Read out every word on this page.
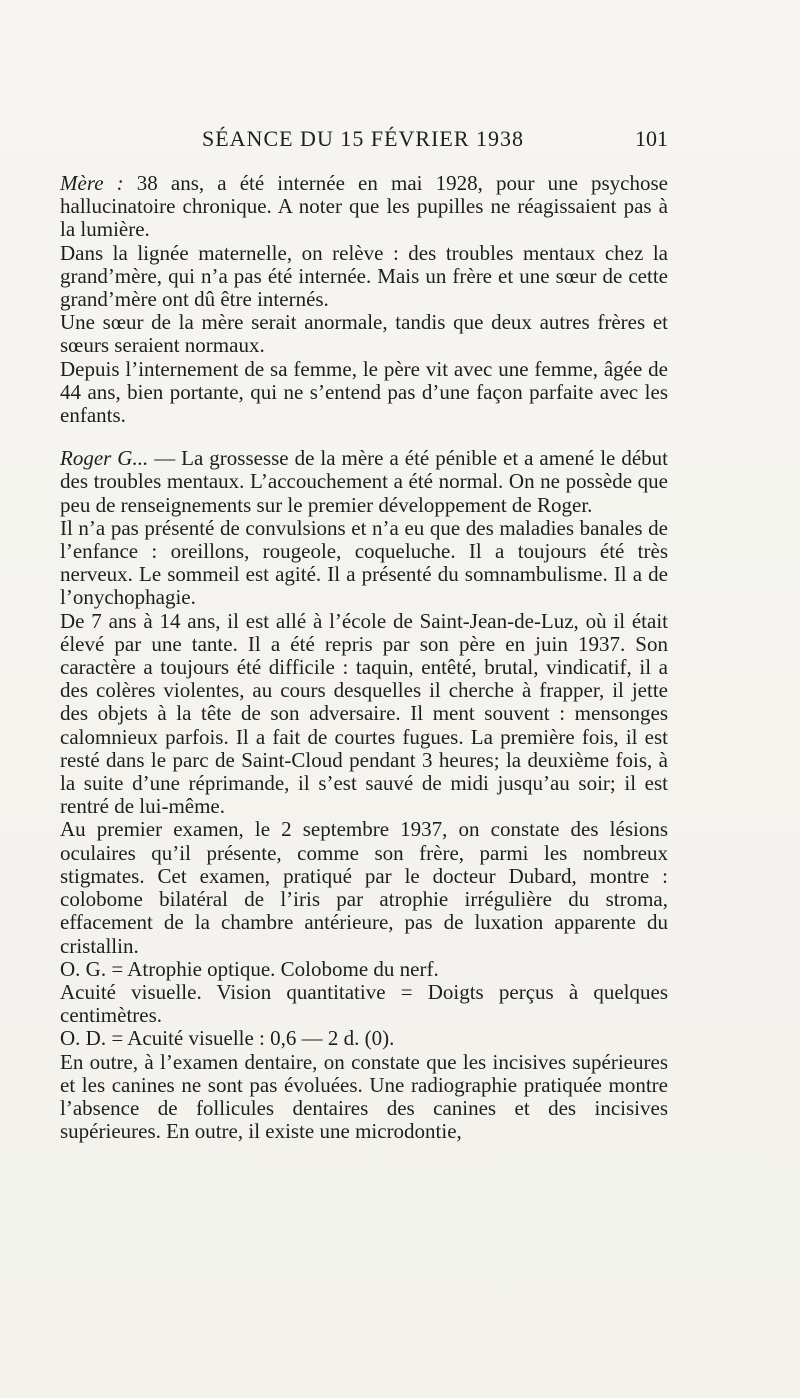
SÉANCE DU 15 FÉVRIER 1938	101

Mère : 38 ans, a été internée en mai 1928, pour une psychose hallucinatoire chronique. A noter que les pupilles ne réagissaient pas à la lumière.

Dans la lignée maternelle, on relève : des troubles mentaux chez la grand’mère, qui n’a pas été internée. Mais un frère et une sœur de cette grand’mère ont dû être internés.

Une sœur de la mère serait anormale, tandis que deux autres frères et sœurs seraient normaux.

Depuis l’internement de sa femme, le père vit avec une femme, âgée de 44 ans, bien portante, qui ne s’entend pas d’une façon parfaite avec les enfants.

Roger G... — La grossesse de la mère a été pénible et a amené le début des troubles mentaux. L’accouchement a été normal. On ne possède que peu de renseignements sur le premier développement de Roger.

Il n’a pas présenté de convulsions et n’a eu que des maladies banales de l’enfance : oreillons, rougeole, coqueluche. Il a toujours été très nerveux. Le sommeil est agité. Il a présenté du somnambulisme. Il a de l’onychophagie.

De 7 ans à 14 ans, il est allé à l’école de Saint-Jean-de-Luz, où il était élevé par une tante. Il a été repris par son père en juin 1937. Son caractère a toujours été difficile : taquin, entêté, brutal, vindicatif, il a des colères violentes, au cours desquelles il cherche à frapper, il jette des objets à la tête de son adversaire. Il ment souvent : mensonges calomnieux parfois. Il a fait de courtes fugues. La première fois, il est resté dans le parc de Saint-Cloud pendant 3 heures; la deuxième fois, à la suite d’une réprimande, il s’est sauvé de midi jusqu’au soir; il est rentré de lui-même.

Au premier examen, le 2 septembre 1937, on constate des lésions oculaires qu’il présente, comme son frère, parmi les nombreux stigmates. Cet examen, pratiqué par le docteur Dubard, montre : colobome bilatéral de l’iris par atrophie irrégulière du stroma, effacement de la chambre antérieure, pas de luxation apparente du cristallin.

O. G. = Atrophie optique. Colobome du nerf.

Acuité visuelle. Vision quantitative = Doigts perçus à quelques centimètres.

O. D. = Acuité visuelle : 0,6 — 2 d. (0).

En outre, à l’examen dentaire, on constate que les incisives supérieures et les canines ne sont pas évoluées. Une radiographie pratiquée montre l’absence de follicules dentaires des canines et des incisives supérieures. En outre, il existe une microdontie,
